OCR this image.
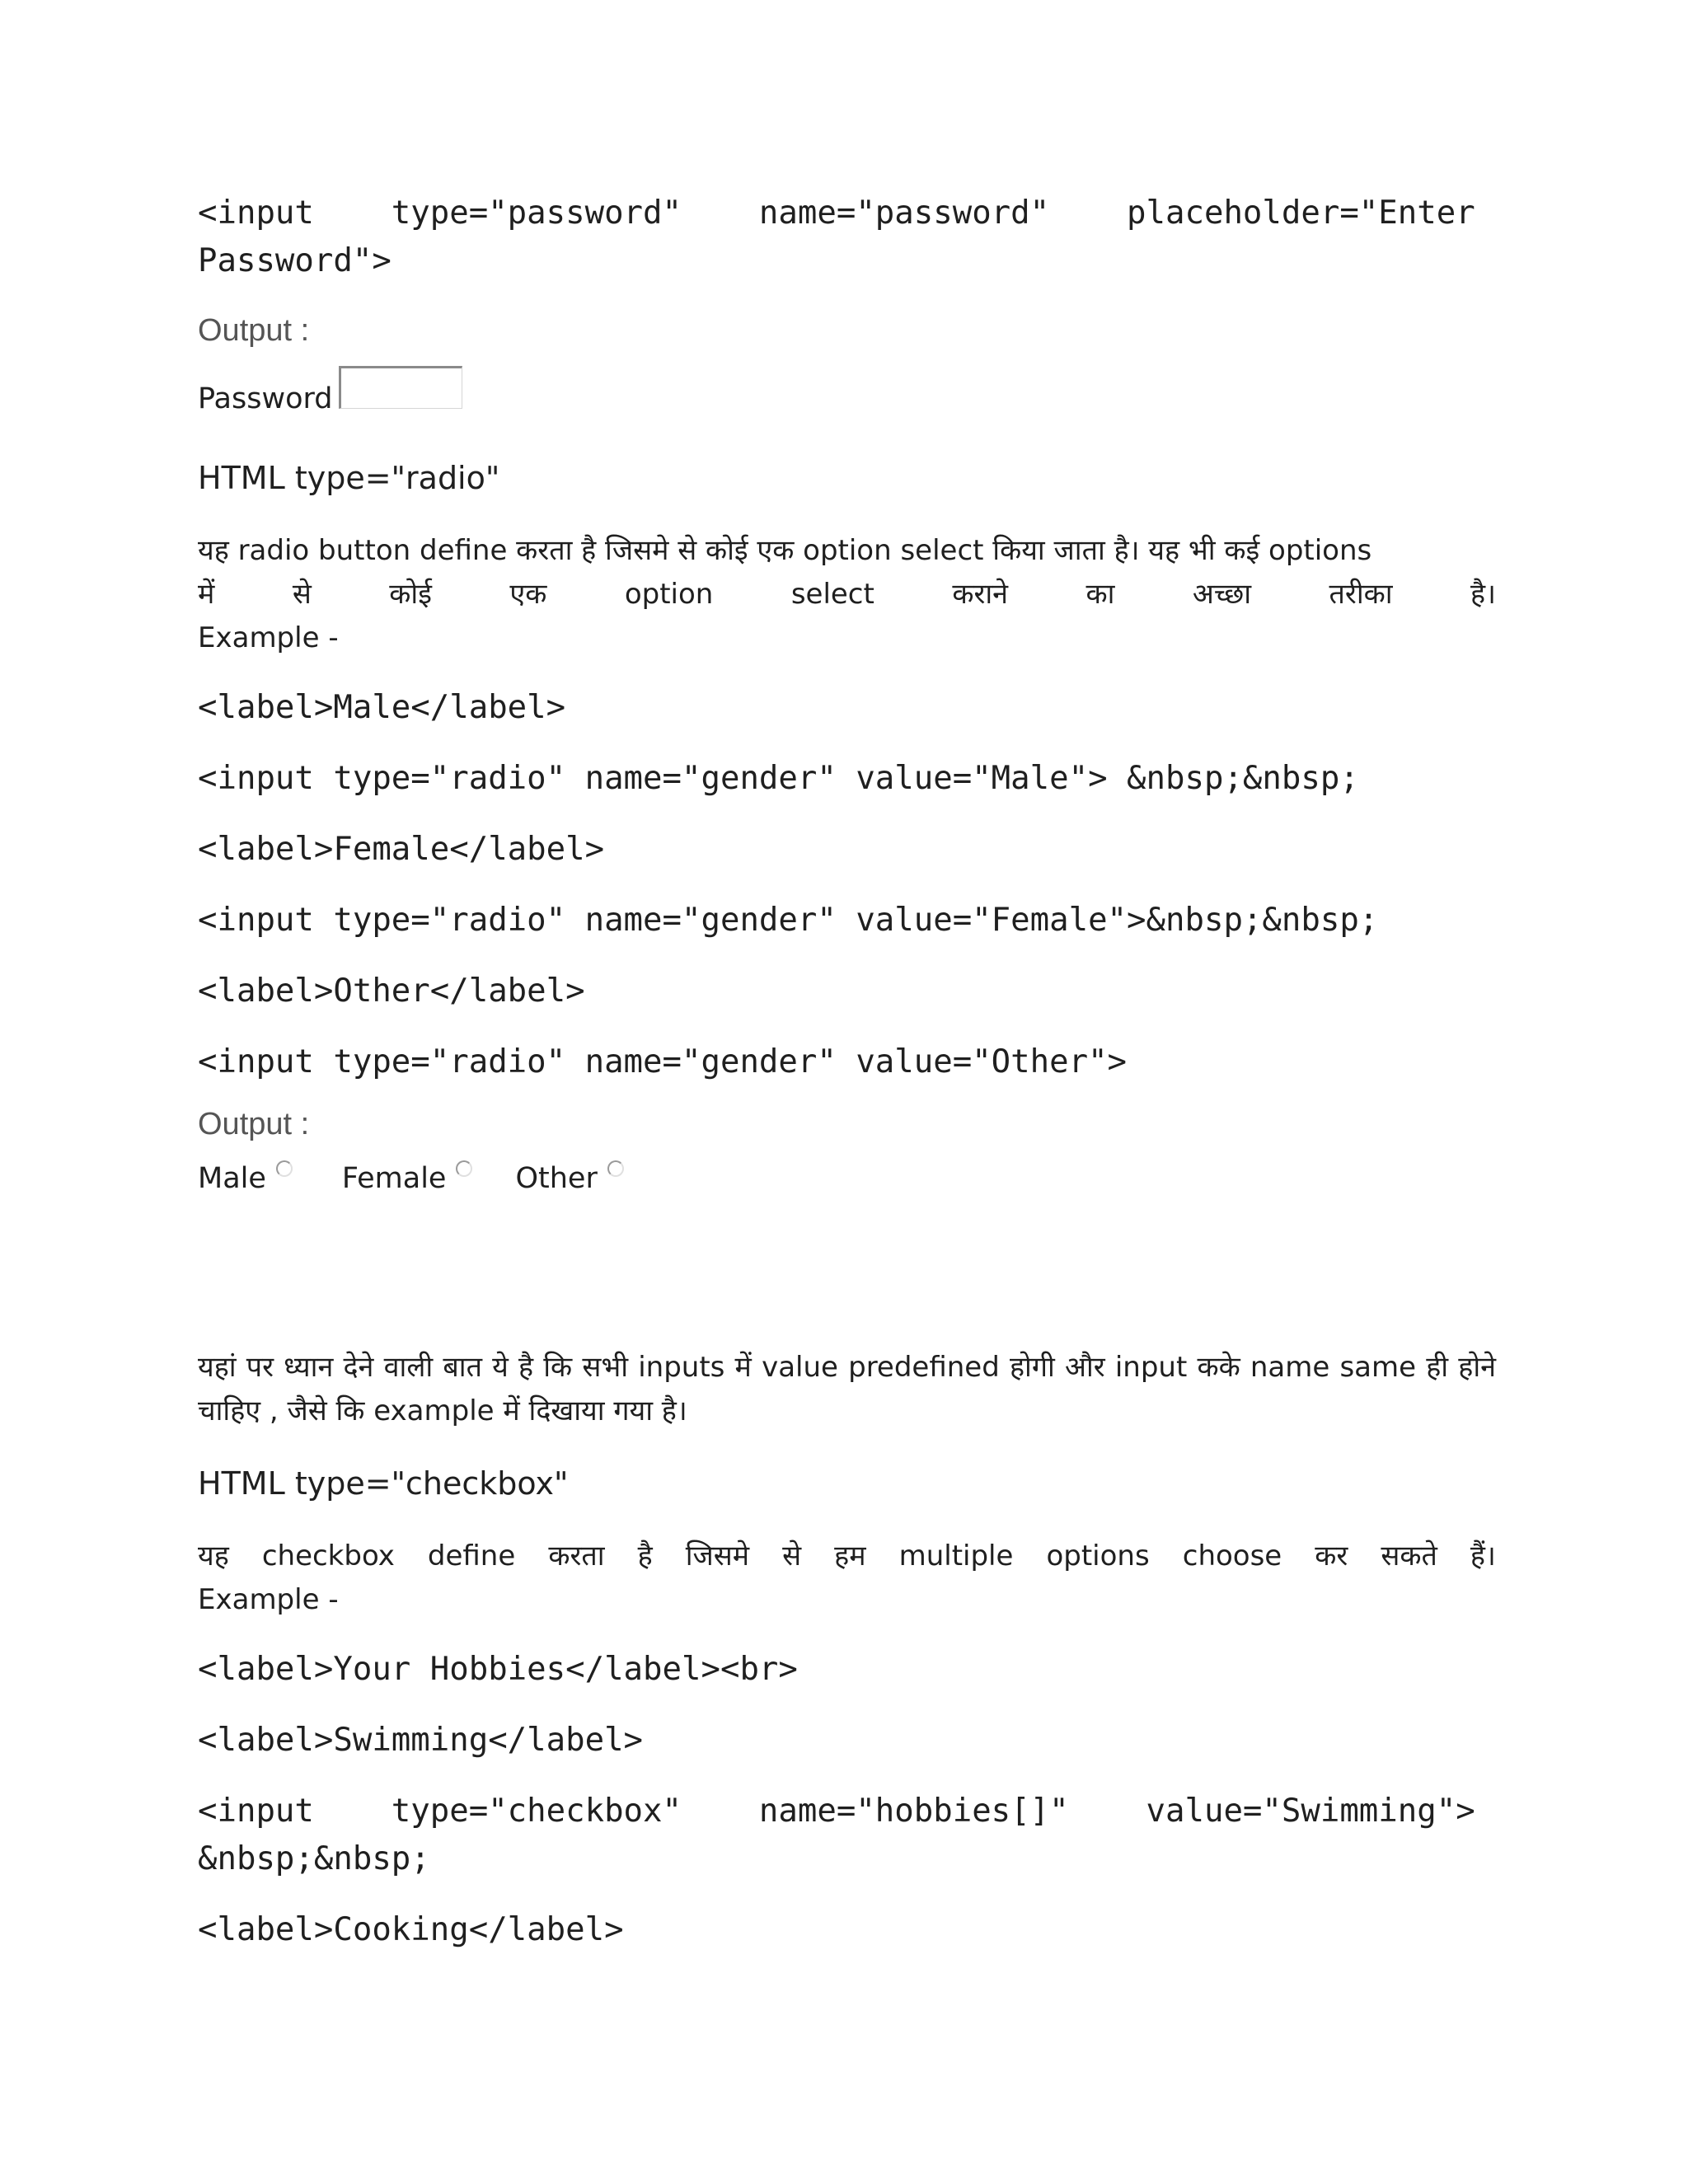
<input    type="password"    name="password"    placeholder="Enter

Password">

Output :

Password

HTML type="radio"

यह radio button define करता है जिसमे से कोई एक option select किया जाता है। यह भी कई options

में	से	कोई	एक	option	select	कराने	का	अच्छा	तरीका	है।

Example -

<label>Male</label>

<input type="radio" name="gender" value="Male"> &nbsp;&nbsp;

<label>Female</label>

<input type="radio" name="gender" value="Female">&nbsp;&nbsp;

<label>Other</label>

<input type="radio" name="gender" value="Other">

Output :

Male	Female Other

यहां पर ध्यान देने वाली बात ये है कि सभी inputs में value predefined होगी और input कके name same ही होने चाहिए , जैसे कि example में दिखाया गया है।

HTML type="checkbox"

यह checkbox define करता है जिसमे से हम multiple options choose कर सकते हैं।

Example -

<label>Your Hobbies</label><br>

<label>Swimming</label>

<input    type="checkbox"    name="hobbies[]"    value="Swimming">

&nbsp;&nbsp;

<label>Cooking</label>
